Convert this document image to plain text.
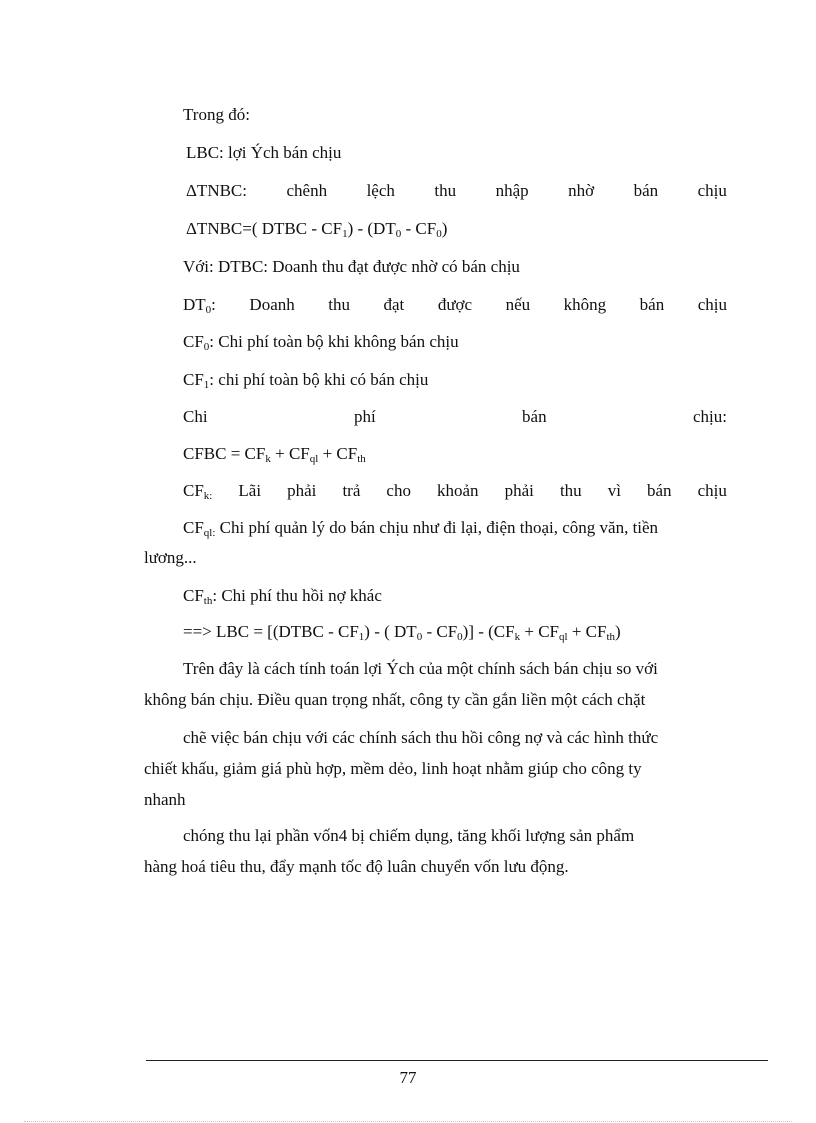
Trong đó:
LBC: lợi Ých bán chịu
ΔTNBC: chênh lệch thu nhập nhờ bán chịu
ΔTNBC=( DTBC - $CF_1) - (DT_0 - CF_0)$
Với: DTBC: Doanh thu đạt được nhờ có bán chịu
$DT_0$: Doanh thu đạt được nếu không bán chịu
$CF_0$: Chi phí toàn bộ khi không bán chịu
$CF_1$: chi phí toàn bộ khi có bán chịu
Chi	phí	bán	chịu:
CFBC = $CF_k + CF_{ql} + CF_{th}$
$CF_{k:}$ Lãi phải trả cho khoản phải thu vì bán chịu
$CF_{ql:}$ Chi phí quản lý do bán chịu như đi lại, điện thoại, công văn, tiền
lương...
$CF_{th}$: Chi phí thu hồi nợ khác
==> LBC = [(DTBC - $CF_1$) - ( $DT_0 - CF_0)] - (CF_k + CF_{ql} + CF_{th})$
Trên đây là cách tính toán lợi Ých của một chính sách bán chịu so với
không bán chịu. Điều quan trọng nhất, công ty cần gắn liền một cách chặt
chẽ việc bán chịu với các chính sách thu hồi công nợ và các hình thức
chiết khấu, giảm giá phù hợp, mềm dẻo, linh hoạt nhằm giúp cho công ty
nhanh
chóng thu lại phần vốn4 bị chiếm dụng, tăng khối lượng sản phẩm
hàng hoá tiêu thu, đẩy mạnh tốc độ luân chuyển vốn lưu động.
77
